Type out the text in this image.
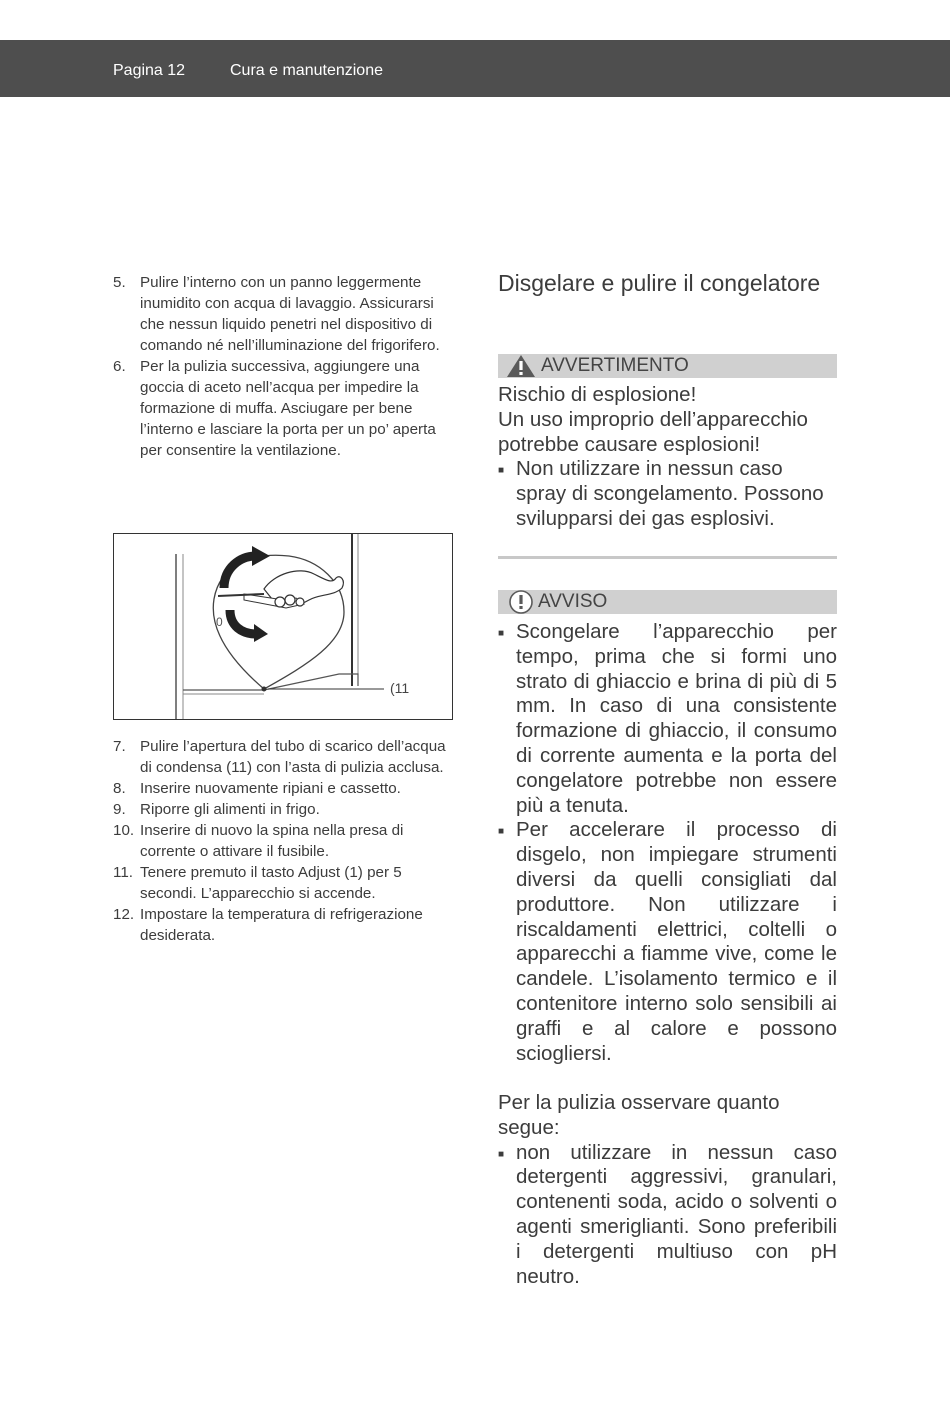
Pagina 12	Cura e manutenzione
5. Pulire l’interno con un panno leggermente inumidito con acqua di lavaggio. Assicurarsi che nessun liquido penetri nel dispositivo di comando né nell’illuminazione del frigorifero.
6. Per la pulizia successiva, aggiungere una goccia di aceto nell’acqua per impedire la formazione di muffa. Asciugare per bene l’interno e lasciare la porta per un po’ aperta per consentire la ventilazione.
0
(11
7. Pulire l’apertura del tubo di scarico dell’acqua di condensa (11) con l’asta di pulizia acclusa.
8. Inserire nuovamente ripiani e cassetto.
9. Riporre gli alimenti in frigo.
10. Inserire di nuovo la spina nella presa di corrente o attivare il fusibile.
11. Tenere premuto il tasto Adjust (1) per 5 secondi. L’apparecchio si accende.
12. Impostare la temperatura di refrigerazione desiderata.
Disgelare e pulire il congelatore
AVVERTIMENTO
Rischio di esplosione!
Un uso improprio dell’apparecchio potrebbe causare esplosioni!
■ Non utilizzare in nessun caso spray di scongelamento. Possono svilupparsi dei gas esplosivi.
AVVISO
■ Scongelare l’apparecchio per tempo, prima che si formi uno strato di ghiaccio e brina di più di 5 mm. In caso di una consistente formazione di ghiaccio, il consumo di corrente aumenta e la porta del congelatore potrebbe non essere più a tenuta.
■ Per accelerare il processo di disgelo, non impiegare strumenti diversi da quelli consigliati dal produttore. Non utilizzare i riscaldamenti elettrici, coltelli o apparecchi a fiamme vive, come le candele. L’isolamento termico e il contenitore interno solo sensibili ai graffi e al calore e possono sciogliersi.
Per la pulizia osservare quanto segue:
■ non utilizzare in nessun caso detergenti aggressivi, granulari, contenenti soda, acido o solventi o agenti smeriglianti. Sono preferibili i detergenti multiuso con pH neutro.
